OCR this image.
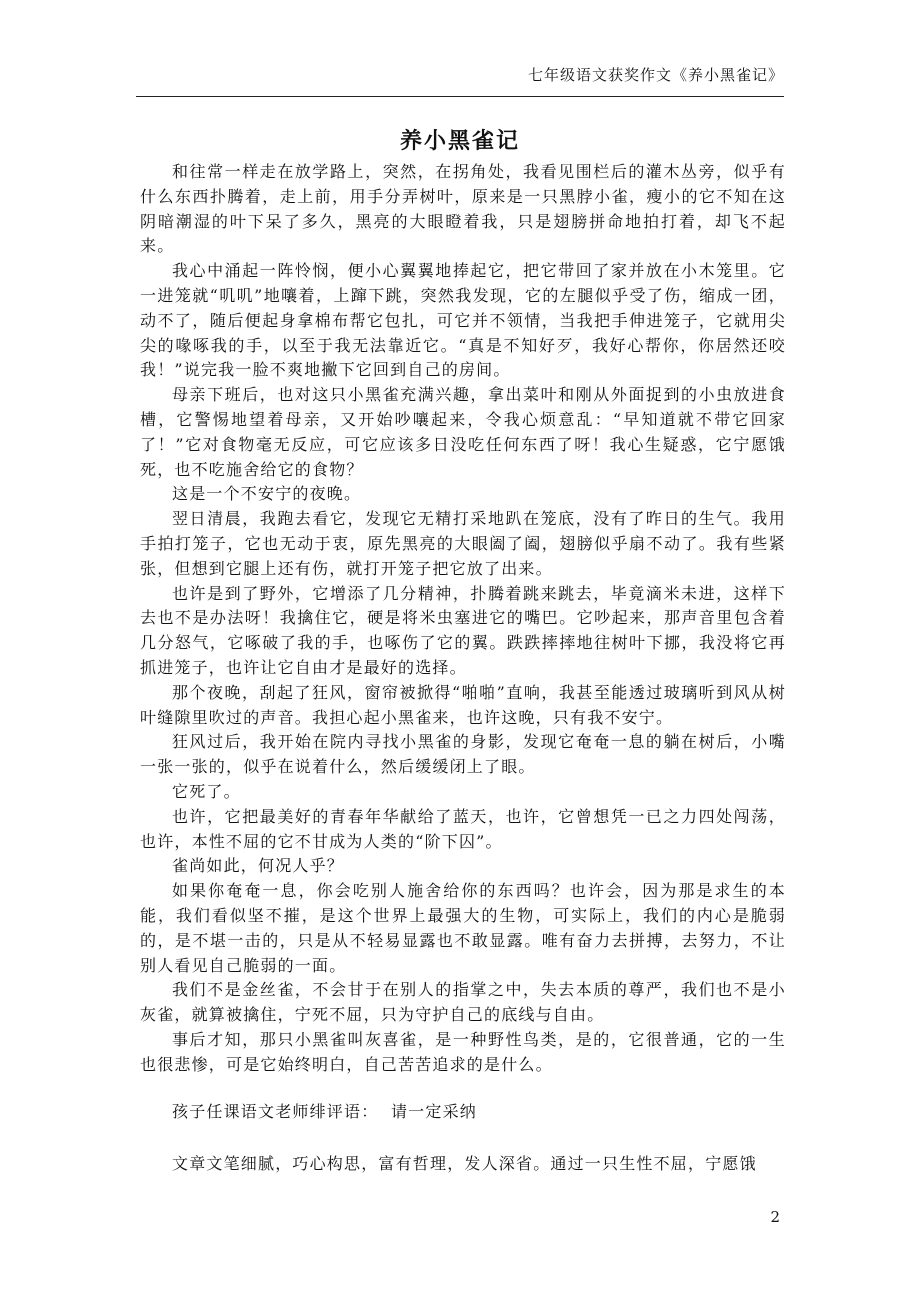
七年级语文获奖作文《养小黑雀记》
养小黑雀记

和往常一样走在放学路上，突然，在拐角处，我看见围栏后的灌木丛旁，似乎有什么东西扑腾着，走上前，用手分弄树叶，原来是一只黑脖小雀，瘦小的它不知在这阴暗潮湿的叶下呆了多久，黑亮的大眼瞪着我，只是翅膀拼命地拍打着，却飞不起来。

我心中涌起一阵怜悯，便小心翼翼地捧起它，把它带回了家并放在小木笼里。它一进笼就“叽叽”地嚷着，上蹿下跳，突然我发现，它的左腿似乎受了伤，缩成一团，动不了，随后便起身拿棉布帮它包扎，可它并不领情，当我把手伸进笼子，它就用尖尖的喙啄我的手，以至于我无法靠近它。“真是不知好歹，我好心帮你，你居然还咬我！”说完我一脸不爽地撇下它回到自己的房间。

母亲下班后，也对这只小黑雀充满兴趣，拿出菜叶和刚从外面捉到的小虫放进食槽，它警惕地望着母亲，又开始吵嚷起来，令我心烦意乱：“早知道就不带它回家了！”它对食物毫无反应，可它应该多日没吃任何东西了呀！我心生疑惑，它宁愿饿死，也不吃施舍给它的食物？

这是一个不安宁的夜晚。

翌日清晨，我跑去看它，发现它无精打采地趴在笼底，没有了昨日的生气。我用手拍打笼子，它也无动于衷，原先黑亮的大眼阖了阖，翅膀似乎扇不动了。我有些紧张，但想到它腿上还有伤，就打开笼子把它放了出来。

也许是到了野外，它增添了几分精神，扑腾着跳来跳去，毕竟滴米未进，这样下去也不是办法呀！我擒住它，硬是将米虫塞进它的嘴巴。它吵起来，那声音里包含着几分怒气，它啄破了我的手，也啄伤了它的翼。跌跌摔摔地往树叶下挪，我没将它再抓进笼子，也许让它自由才是最好的选择。

那个夜晚，刮起了狂风，窗帘被掀得“啪啪”直响，我甚至能透过玻璃听到风从树叶缝隙里吹过的声音。我担心起小黑雀来，也许这晚，只有我不安宁。

狂风过后，我开始在院内寻找小黑雀的身影，发现它奄奄一息的躺在树后，小嘴一张一张的，似乎在说着什么，然后缓缓闭上了眼。

它死了。

也许，它把最美好的青春年华献给了蓝天，也许，它曾想凭一已之力四处闯荡，也许，本性不屈的它不甘成为人类的“阶下囚”。

雀尚如此，何况人乎？

如果你奄奄一息，你会吃别人施舍给你的东西吗？也许会，因为那是求生的本能，我们看似坚不摧，是这个世界上最强大的生物，可实际上，我们的内心是脆弱的，是不堪一击的，只是从不轻易显露也不敢显露。唯有奋力去拼搏，去努力，不让别人看见自己脆弱的一面。

我们不是金丝雀，不会甘于在别人的指掌之中，失去本质的尊严，我们也不是小灰雀，就算被擒住，宁死不屈，只为守护自己的底线与自由。

事后才知，那只小黑雀叫灰喜雀，是一种野性鸟类，是的，它很普通，它的一生也很悲惨，可是它始终明白，自己苦苦追求的是什么。

孩子任课语文老师绯评语：  请一定采纳

文章文笔细腻，巧心构思，富有哲理，发人深省。通过一只生性不屈，宁愿饿

2
